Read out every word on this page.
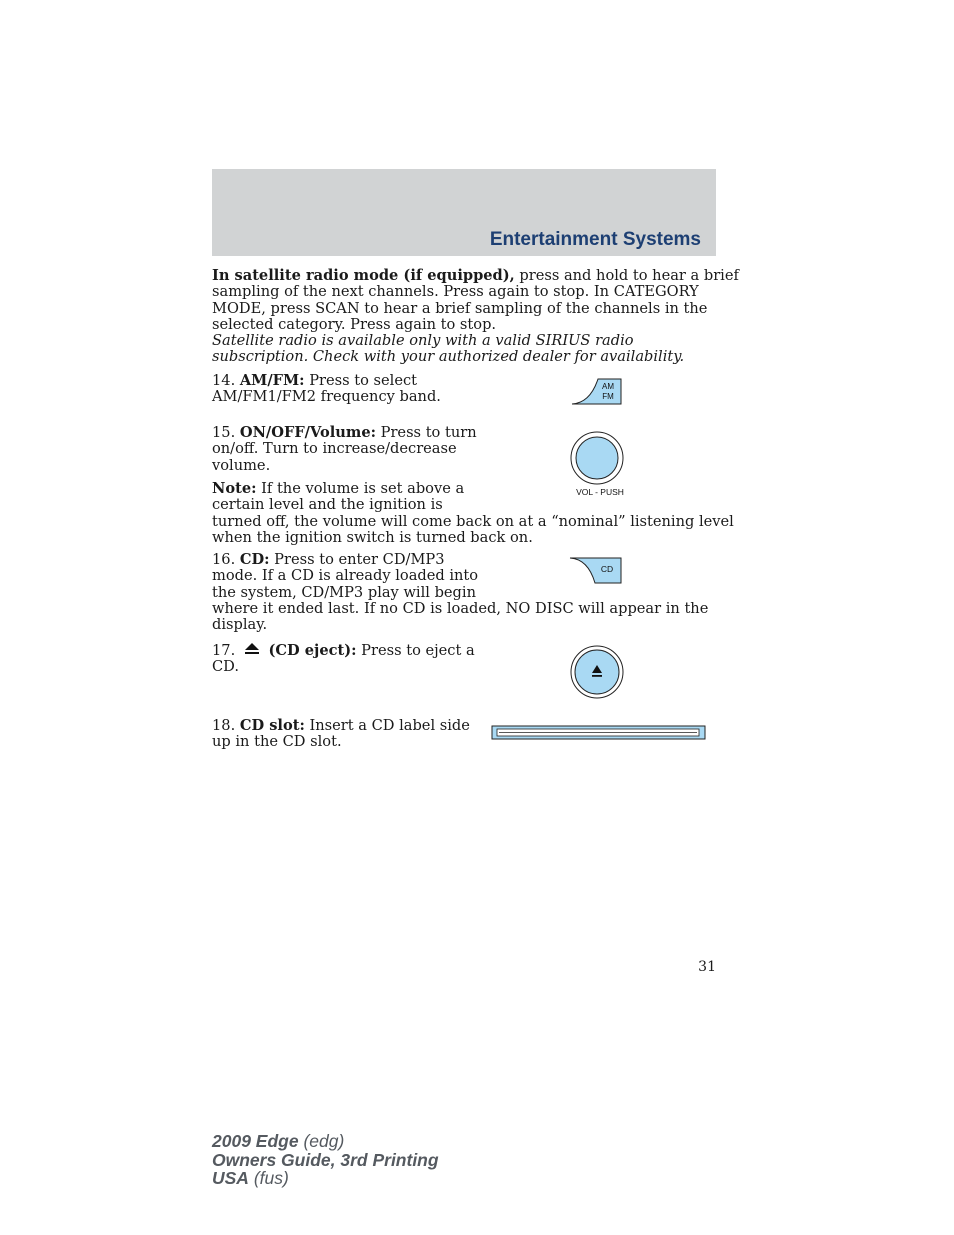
Entertainment Systems
In satellite radio mode (if equipped), press and hold to hear a brief
sampling of the next channels. Press again to stop. In CATEGORY
MODE, press SCAN to hear a brief sampling of the channels in the
selected category. Press again to stop.
Satellite radio is available only with a valid SIRIUS radio
subscription. Check with your authorized dealer for availability.
14. AM/FM: Press to select
AM/FM1/FM2 frequency band.
AM
FM
15. ON/OFF/Volume: Press to turn
on/off. Turn to increase/decrease
volume.
VOL - PUSH
Note: If the volume is set above a
certain level and the ignition is
turned off, the volume will come back on at a “nominal” listening level
when the ignition switch is turned back on.
16. CD: Press to enter CD/MP3
mode. If a CD is already loaded into
the system, CD/MP3 play will begin
where it ended last. If no CD is loaded, NO DISC will appear in the
display.
CD
17. (CD eject): Press to eject a
CD.
18. CD slot: Insert a CD label side
up in the CD slot.
31
2009 Edge (edg)
Owners Guide, 3rd Printing
USA (fus)
